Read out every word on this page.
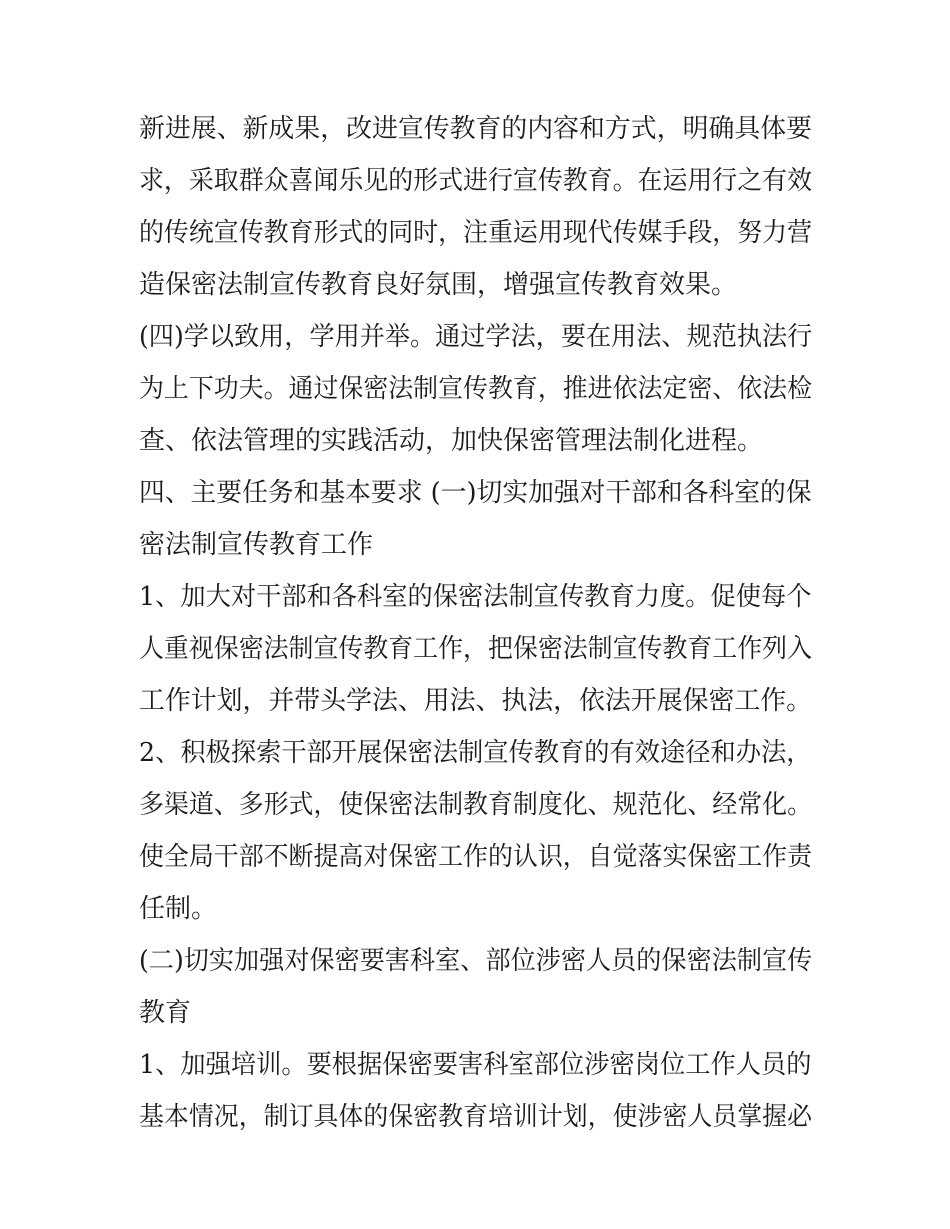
新进展、新成果，改进宣传教育的内容和方式，明确具体要
求，采取群众喜闻乐见的形式进行宣传教育。在运用行之有效
的传统宣传教育形式的同时，注重运用现代传媒手段，努力营
造保密法制宣传教育良好氛围，增强宣传教育效果。
(四)学以致用，学用并举。通过学法，要在用法、规范执法行
为上下功夫。通过保密法制宣传教育，推进依法定密、依法检
查、依法管理的实践活动，加快保密管理法制化进程。
四、主要任务和基本要求 (一)切实加强对干部和各科室的保
密法制宣传教育工作
1、加大对干部和各科室的保密法制宣传教育力度。促使每个
人重视保密法制宣传教育工作，把保密法制宣传教育工作列入
工作计划，并带头学法、用法、执法，依法开展保密工作。
2、积极探索干部开展保密法制宣传教育的有效途径和办法，
多渠道、多形式，使保密法制教育制度化、规范化、经常化。
使全局干部不断提高对保密工作的认识，自觉落实保密工作责
任制。
(二)切实加强对保密要害科室、部位涉密人员的保密法制宣传
教育
1、加强培训。要根据保密要害科室部位涉密岗位工作人员的
基本情况，制订具体的保密教育培训计划，使涉密人员掌握必
